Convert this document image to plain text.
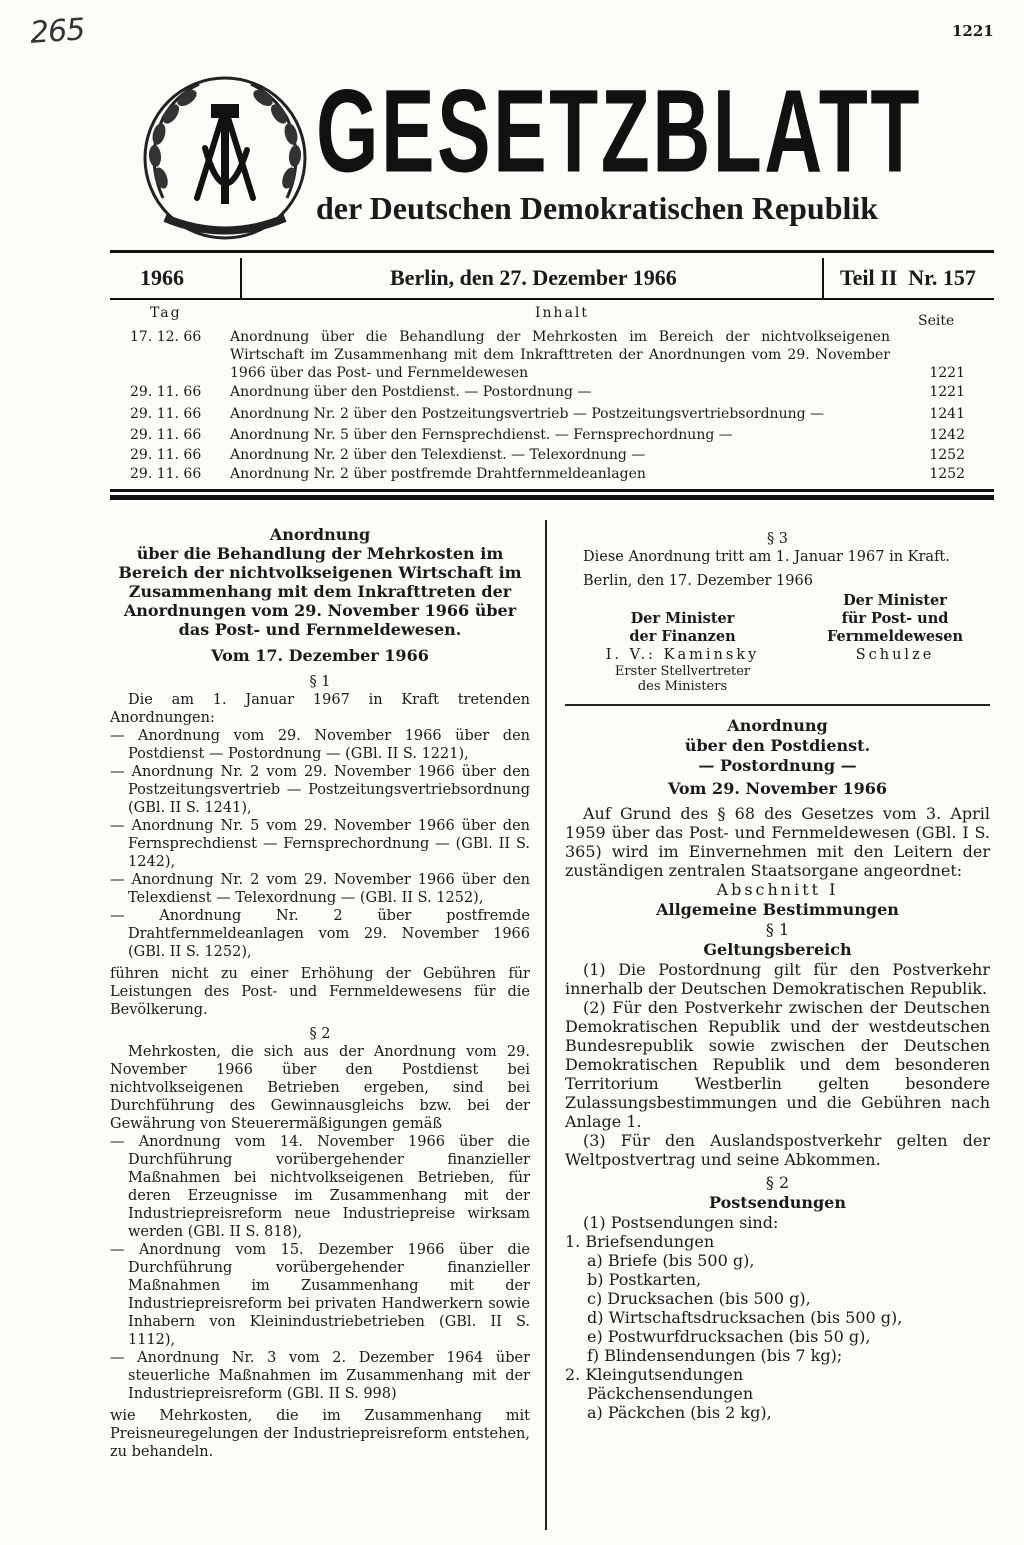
265	1221
GESETZBLATT
der Deutschen Demokratischen Republik
1966	Berlin, den 27. Dezember 1966	Teil II  Nr. 157
Tag	Inhalt	Seite
17. 12. 66	Anordnung über die Behandlung der Mehrkosten im Bereich der nichtvolkseigenen Wirtschaft im Zusammenhang mit dem Inkrafttreten der Anordnungen vom 29. November 1966 über das Post- und Fernmeldewesen	1221
29. 11. 66	Anordnung über den Postdienst. — Postordnung —	1221
29. 11. 66	Anordnung Nr. 2 über den Postzeitungsvertrieb — Postzeitungsvertriebsordnung —	1241
29. 11. 66	Anordnung Nr. 5 über den Fernsprechdienst. — Fernsprechordnung —	1242
29. 11. 66	Anordnung Nr. 2 über den Telexdienst. — Telexordnung —	1252
29. 11. 66	Anordnung Nr. 2 über postfremde Drahtfernmeldeanlagen	1252

Anordnung
über die Behandlung der Mehrkosten im Bereich der nichtvolkseigenen Wirtschaft im Zusammenhang mit dem Inkrafttreten der Anordnungen vom 29. November 1966 über das Post- und Fernmeldewesen.

Vom 17. Dezember 1966

§ 1

Die am 1. Januar 1967 in Kraft tretenden Anordnungen:

— Anordnung vom 29. November 1966 über den Postdienst — Postordnung — (GBl. II S. 1221),

— Anordnung Nr. 2 vom 29. November 1966 über den Postzeitungsvertrieb — Postzeitungsvertriebsordnung (GBl. II S. 1241),

— Anordnung Nr. 5 vom 29. November 1966 über den Fernsprechdienst — Fernsprechordnung — (GBl. II S. 1242),

— Anordnung Nr. 2 vom 29. November 1966 über den Telexdienst — Telexordnung — (GBl. II S. 1252),

— Anordnung Nr. 2 über postfremde Drahtfernmeldeanlagen vom 29. November 1966 (GBl. II S. 1252),

führen nicht zu einer Erhöhung der Gebühren für Leistungen des Post- und Fernmeldewesens für die Bevölkerung.

§ 2

Mehrkosten, die sich aus der Anordnung vom 29. November 1966 über den Postdienst bei nichtvolkseigenen Betrieben ergeben, sind bei Durchführung des Gewinnausgleichs bzw. bei der Gewährung von Steuerermäßigungen gemäß

— Anordnung vom 14. November 1966 über die Durchführung vorübergehender finanzieller Maßnahmen bei nichtvolkseigenen Betrieben, für deren Erzeugnisse im Zusammenhang mit der Industriepreisreform neue Industriepreise wirksam werden (GBl. II S. 818),

— Anordnung vom 15. Dezember 1966 über die Durchführung vorübergehender finanzieller Maßnahmen im Zusammenhang mit der Industriepreisreform bei privaten Handwerkern sowie Inhabern von Kleinindustriebetrieben (GBl. II S. 1112),

— Anordnung Nr. 3 vom 2. Dezember 1964 über steuerliche Maßnahmen im Zusammenhang mit der Industriepreisreform (GBl. II S. 998)

wie Mehrkosten, die im Zusammenhang mit Preisneuregelungen der Industriepreisreform entstehen, zu behandeln.

§ 3

Diese Anordnung tritt am 1. Januar 1967 in Kraft.

Berlin, den 17. Dezember 1966

Der Minister
der Finanzen

I. V.: Kaminsky

Erster Stellvertreter
des Ministers

Der Minister
für Post- und
Fernmeldewesen

Schulze

Anordnung
über den Postdienst.
— Postordnung —

Vom 29. November 1966

Auf Grund des § 68 des Gesetzes vom 3. April 1959 über das Post- und Fernmeldewesen (GBl. I S. 365) wird im Einvernehmen mit den Leitern der zuständigen zentralen Staatsorgane angeordnet:

Abschnitt I

Allgemeine Bestimmungen

§ 1

Geltungsbereich

(1) Die Postordnung gilt für den Postverkehr innerhalb der Deutschen Demokratischen Republik.

(2) Für den Postverkehr zwischen der Deutschen Demokratischen Republik und der westdeutschen Bundesrepublik sowie zwischen der Deutschen Demokratischen Republik und dem besonderen Territorium Westberlin gelten besondere Zulassungsbestimmungen und die Gebühren nach Anlage 1.

(3) Für den Auslandspostverkehr gelten der Weltpostvertrag und seine Abkommen.

§ 2

Postsendungen

(1) Postsendungen sind:

1. Briefsendungen

a) Briefe (bis 500 g),

b) Postkarten,

c) Drucksachen (bis 500 g),

d) Wirtschaftsdrucksachen (bis 500 g),

e) Postwurfdrucksachen (bis 50 g),

f) Blindensendungen (bis 7 kg);

2. Kleingutsendungen

Päckchensendungen

a) Päckchen (bis 2 kg),
